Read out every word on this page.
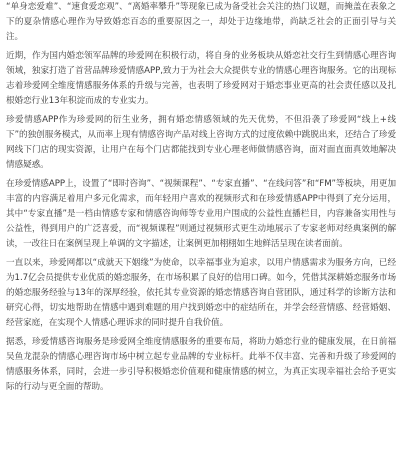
“单身恋爱难”、“速食爱恋观”、“离婚率攀升”等现象已成为备受社会关注的热门议题，而掩盖在表象之下的夏杂情感心理作为导致婚恋百态的重要原因之一，却处于边缘地带，尚缺乏社会的正面引导与关注。

近期，作为国内婚恋领军品牌的珍爱网在积极行动，将自身的业务板块从婚恋社交行生到情感心理咨询领域，独家打造了首营品牌珍爱情感APP,致力于为社会大众提供专业的情感心理咨询服务。它的出现标志着珍爱网全维度情感服务体系的升级与完善，也表明了珍爱网对于婚恋事业更高的社会责任感以及扎根婚恋行业13年积淀而成的专业实力。

珍爱情感APP作为珍爱网的衍生业务，拥有婚恋情感领域的先天优势，不但沿袭了珍爱网“线上+线下”的独创服务模式，从而率上现有情感咨询产品对线上咨询方式的过度依赖中跳脱出来，还结合了珍爱网线下门店的现实资源，让用户在每个门店都能找到专业心理老师做情感咨询，面对面直面真效地解决情感疑惑。

在珍爱情感APP上，设置了“即时咨询”、“视频课程”、“专家直播”、“在线问答”和“FM”等板块，用更加丰富的内容满足着用户多元化需求，而年轻用户喜欢的视频形式和在珍爱情感APP中得到了充分运用，其中“专家直播”是一档由情感专家和情感咨询师等专业用户围成的公益性直播栏目，内容兼备实用性与公益性，得到用户的广泛喜爱，而“视频课程”则通过视频形式更生动地展示了专家老师对经典案例的解读，一改往日在案例呈现上单调的文字描述，让案例更加栩栩如生地鲜活呈现在读者面前。

一直以来，珍爱网都以“成就天下姻缘”为使命，以幸福事业为追求，以用户情感需求为服务方向，已经为1.7亿会员提供专业优质的婚恋服务，在市场积累了良好的信用口碑。如今，凭借其深耕婚恋服务市场的婚恋服务经验与13年的深厚经验，依托其专业资源的婚恋情感咨询自营团队，通过科学的诊断方法和研究心得，切实地帮助在情感中遇到难题的用户找到婚恋中的症结所在，并学会经营情感、经营婚姻、经营家庭，在实现个人情感心理诉求的同时提升自我价值。

据悉，珍爱情感咨询服务是珍爱网全维度情感服务的重要布局，将助力婚恋行业的健康发展，在日前福吴鱼龙混杂的情感心理咨询市场中树立起专业品牌的专业标杆。此举不仅丰富、完善和升级了珍爱网的情感服务体系，同时，会进一步引导积极婚恋价值观和健康情感的树立，为真正实现幸福社会给予更实际的行动与更全面的帮助。
